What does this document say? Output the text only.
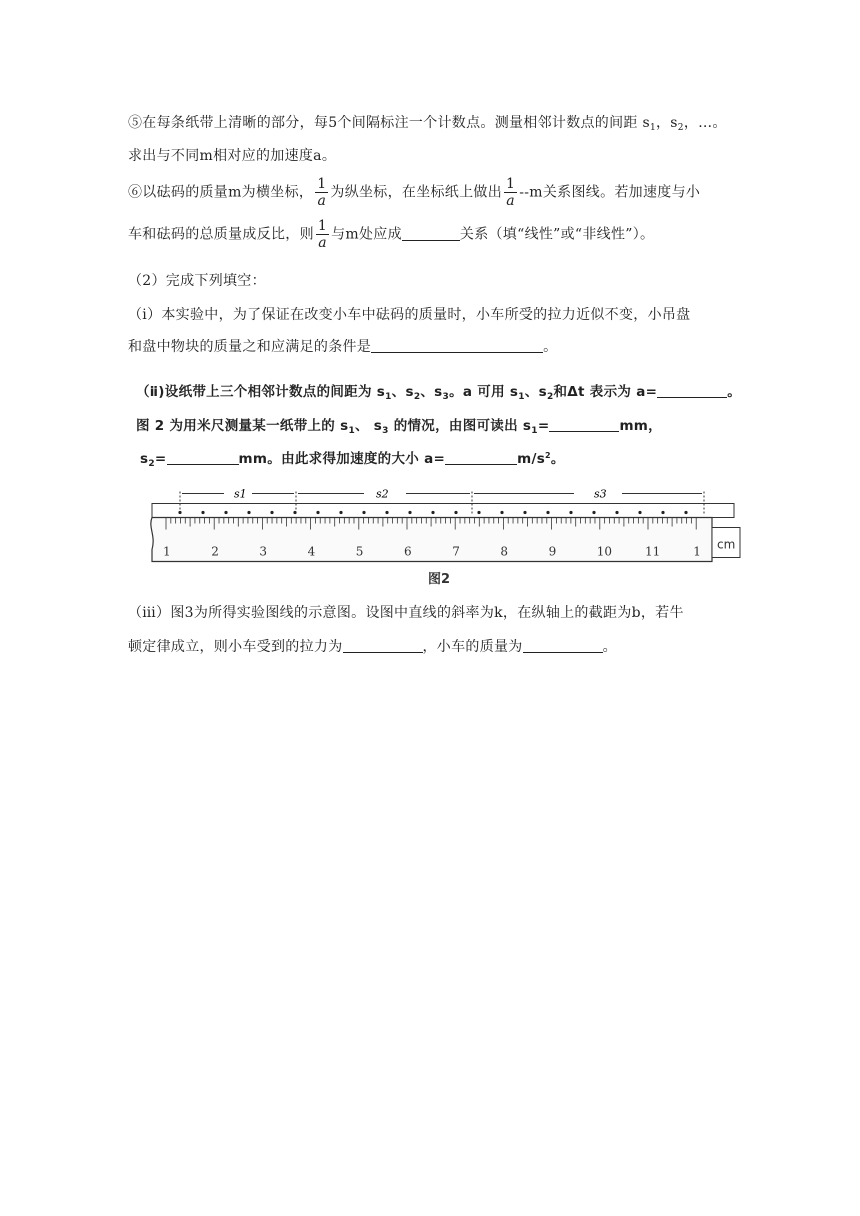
⑤在每条纸带上清晰的部分，每5个间隔标注一个计数点。测量相邻计数点的间距 $s_1$，$s_2$，…。
求出与不同m相对应的加速度a。
⑥以砝码的质量m为横坐标， $\frac{1}{a}$ 为纵坐标，在坐标纸上做出 $\frac{1}{a} --m$关系图线。若加速度与小
车和砝码的总质量成反比，则 $\frac{1}{a}$ 与m处应成	关系（填“线性”或“非线性”）。
（2）完成下列填空：
（ⅰ）本实验中，为了保证在改变小车中砝码的质量时，小车所受的拉力近似不变，小吊盘
和盘中物块的质量之和应满足的条件是	。
（ⅱ)设纸带上三个相邻计数点的间距为 $s_1$、$s_2$、$s_3$。a 可用 $s_1$、$s_2$和Δt 表示为 a=	。
图 2 为用米尺测量某一纸带上的 $s_1$、 $s_3$ 的情况，由图可读出 $s_1=$	mm，
$s_2=$	mm。由此求得加速度的大小 a=	$m/s^2$。
s1	s2	s3
cm
1	2	3	4	5	6	7	8	9	10	11	1
图2
（ⅲ）图3为所得实验图线的示意图。设图中直线的斜率为k，在纵轴上的截距为b，若牛
顿定律成立，则小车受到的拉力为	，小车的质量为	。
